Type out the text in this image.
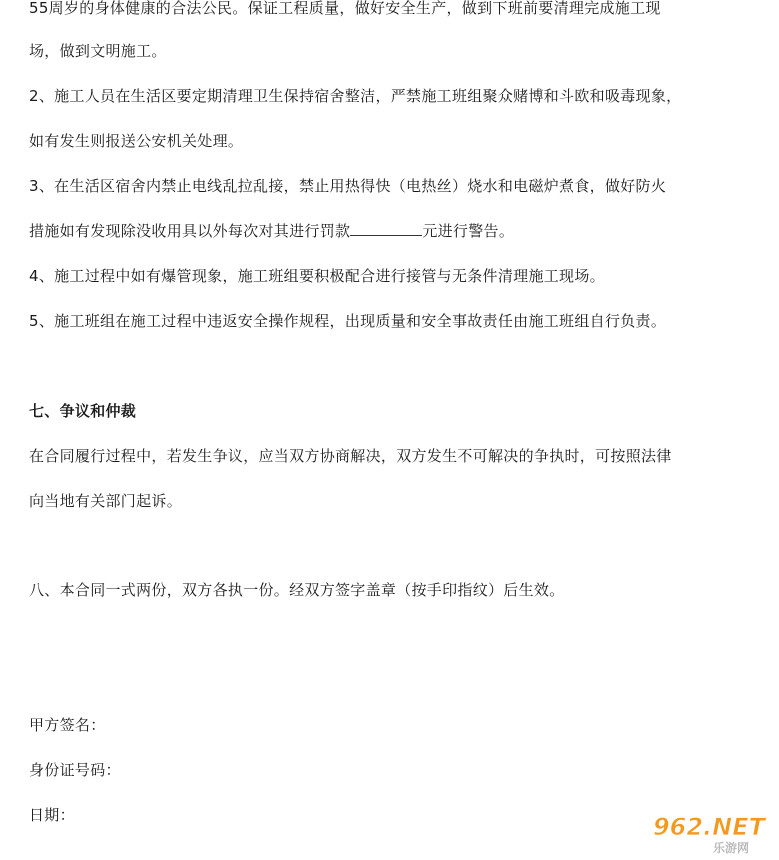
55周岁的身体健康的合法公民。保证工程质量，做好安全生产，做到下班前要清理完成施工现
场，做到文明施工。
2、施工人员在生活区要定期清理卫生保持宿舍整洁，严禁施工班组聚众赌博和斗欧和吸毒现象，
如有发生则报送公安机关处理。
3、在生活区宿舍内禁止电线乱拉乱接，禁止用热得快（电热丝）烧水和电磁炉煮食，做好防火
措施如有发现除没收用具以外每次对其进行罚款	元进行警告。
4、施工过程中如有爆管现象，施工班组要积极配合进行接管与无条件清理施工现场。
5、施工班组在施工过程中违返安全操作规程，出现质量和安全事故责任由施工班组自行负责。
七、争议和仲裁
在合同履行过程中，若发生争议，应当双方协商解决，双方发生不可解决的争执时，可按照法律
向当地有关部门起诉。
八、本合同一式两份，双方各执一份。经双方签字盖章（按手印指纹）后生效。
甲方签名：
身份证号码：
日期：	962.NET
乐游网
